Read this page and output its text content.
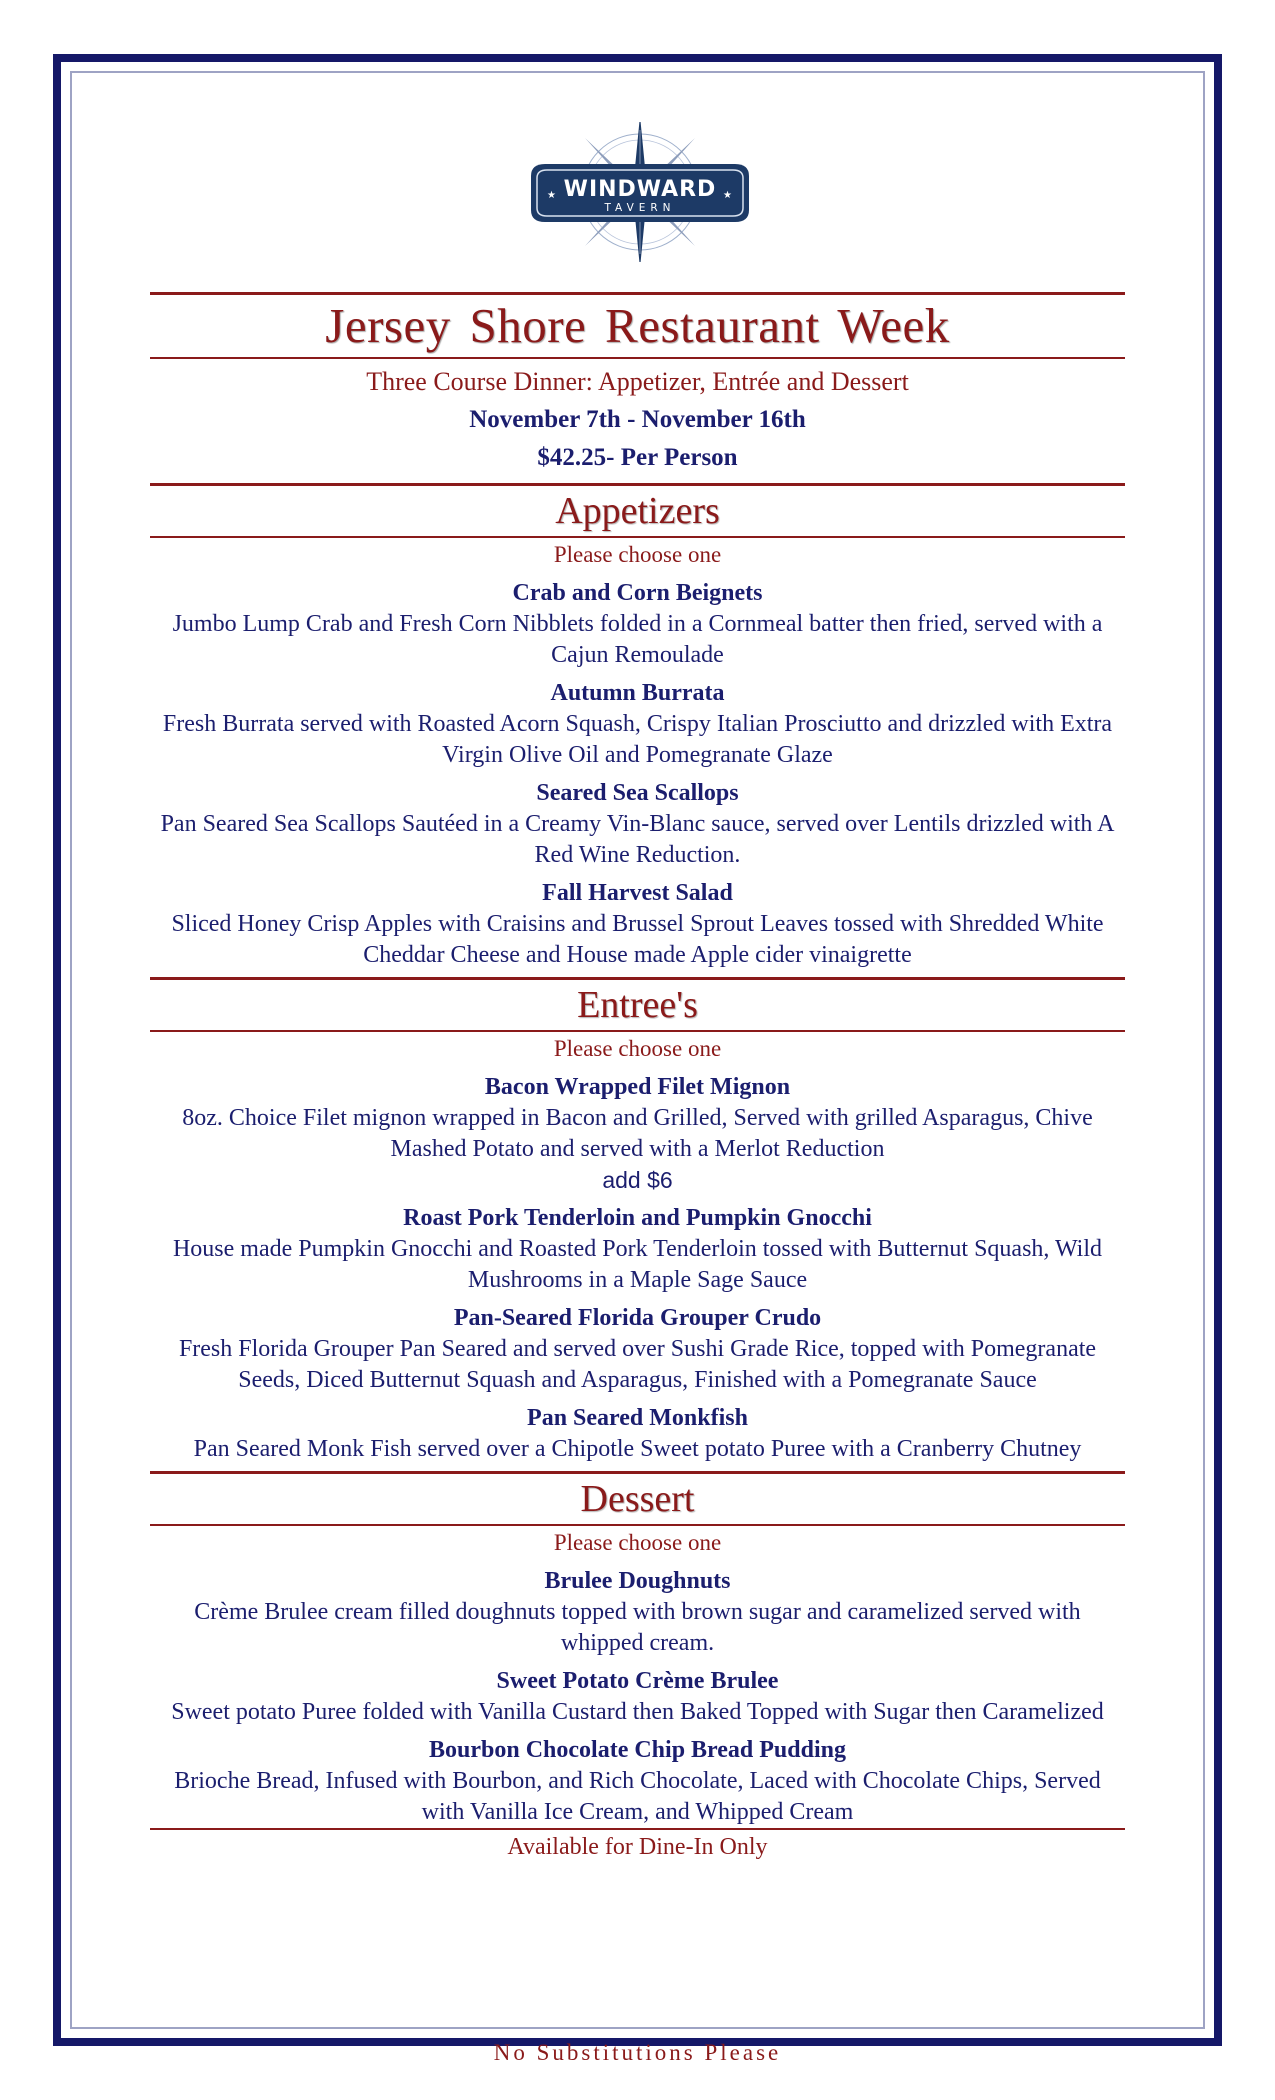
★	★
WINDWARD
TAVERN
Jersey Shore Restaurant Week
Three Course Dinner: Appetizer, Entrée and Dessert
November 7th - November 16th
$42.25- Per Person
Appetizers
Please choose one
Crab and Corn Beignets
Jumbo Lump Crab and Fresh Corn Nibblets folded in a Cornmeal batter then fried, served with a Cajun Remoulade
Autumn Burrata
Fresh Burrata served with Roasted Acorn Squash, Crispy Italian Prosciutto and drizzled with Extra Virgin Olive Oil and Pomegranate Glaze
Seared Sea Scallops
Pan Seared Sea Scallops Sautéed in a Creamy Vin-Blanc sauce, served over Lentils drizzled with A Red Wine Reduction.
Fall Harvest Salad
Sliced Honey Crisp Apples with Craisins and Brussel Sprout Leaves tossed with Shredded White Cheddar Cheese and House made Apple cider vinaigrette
Entree's
Please choose one
Bacon Wrapped Filet Mignon
8oz. Choice Filet mignon wrapped in Bacon and Grilled, Served with grilled Asparagus, Chive Mashed Potato and served with a Merlot Reduction
add $6
Roast Pork Tenderloin and Pumpkin Gnocchi
House made Pumpkin Gnocchi and Roasted Pork Tenderloin tossed with Butternut Squash, Wild Mushrooms in a Maple Sage Sauce
Pan-Seared Florida Grouper Crudo
Fresh Florida Grouper Pan Seared and served over Sushi Grade Rice, topped with Pomegranate Seeds, Diced Butternut Squash and Asparagus, Finished with a Pomegranate Sauce
Pan Seared Monkfish
Pan Seared Monk Fish served over a Chipotle Sweet potato Puree with a Cranberry Chutney
Dessert
Please choose one
Brulee Doughnuts
Crème Brulee cream filled doughnuts topped with brown sugar and caramelized served with whipped cream.
Sweet Potato Crème Brulee
Sweet potato Puree folded with Vanilla Custard then Baked Topped with Sugar then Caramelized
Bourbon Chocolate Chip Bread Pudding
Brioche Bread, Infused with Bourbon, and Rich Chocolate, Laced with Chocolate Chips, Served with Vanilla Ice Cream, and Whipped Cream
Available for Dine-In Only
No Substitutions Please
